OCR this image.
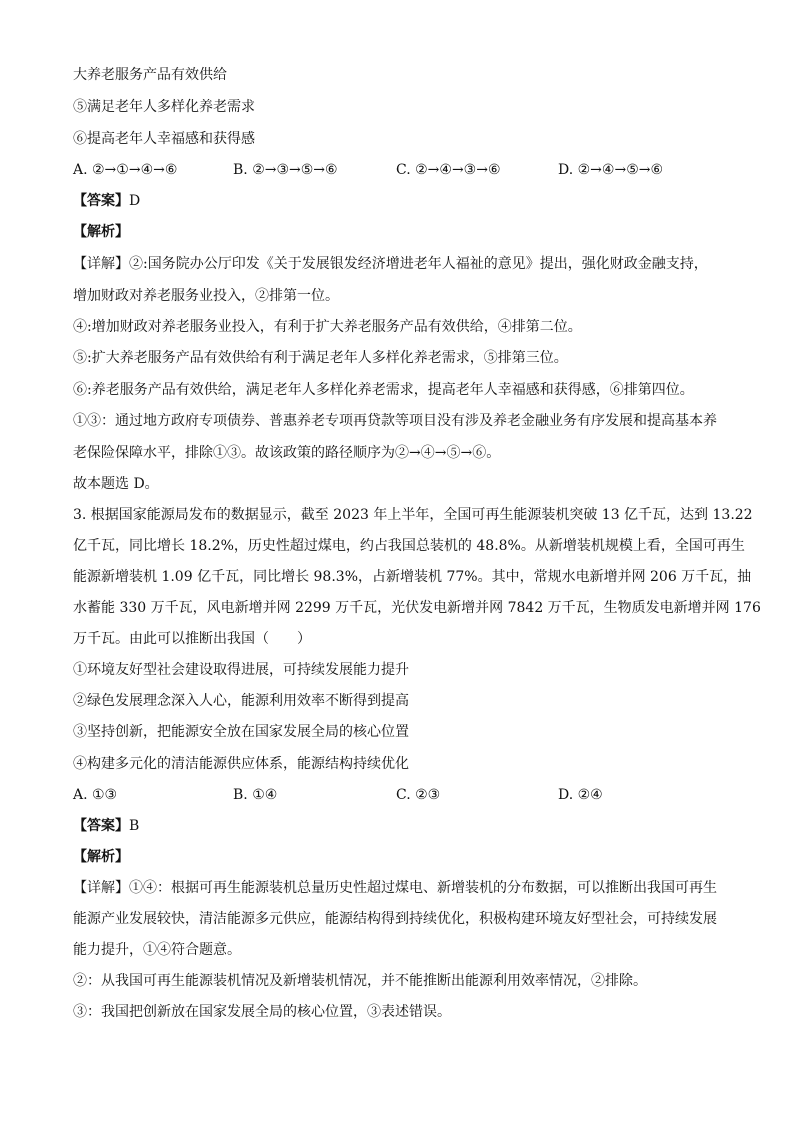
大养老服务产品有效供给
⑤满足老年人多样化养老需求
⑥提高老年人幸福感和获得感
A. ②→①→④→⑥	B. ②→③→⑤→⑥	C. ②→④→③→⑥	D. ②→④→⑤→⑥
【答案】D
【解析】
【详解】②:国务院办公厅印发《关于发展银发经济增进老年人福祉的意见》提出，强化财政金融支持，
增加财政对养老服务业投入，②排第一位。
④:增加财政对养老服务业投入，有利于扩大养老服务产品有效供给，④排第二位。
⑤:扩大养老服务产品有效供给有利于满足老年人多样化养老需求，⑤排第三位。
⑥:养老服务产品有效供给，满足老年人多样化养老需求，提高老年人幸福感和获得感，⑥排第四位。
①③：通过地方政府专项债券、普惠养老专项再贷款等项目没有涉及养老金融业务有序发展和提高基本养
老保险保障水平，排除①③。故该政策的路径顺序为②→④→⑤→⑥。
故本题选 D。
3. 根据国家能源局发布的数据显示，截至 2023 年上半年，全国可再生能源装机突破 13 亿千瓦，达到 13.22
亿千瓦，同比增长 18.2%，历史性超过煤电，约占我国总装机的 48.8%。从新增装机规模上看，全国可再生
能源新增装机 1.09 亿千瓦，同比增长 98.3%，占新增装机 77%。其中，常规水电新增并网 206 万千瓦，抽
水蓄能 330 万千瓦，风电新增并网 2299 万千瓦，光伏发电新增并网 7842 万千瓦，生物质发电新增并网 176
万千瓦。由此可以推断出我国（　　）
①环境友好型社会建设取得进展，可持续发展能力提升
②绿色发展理念深入人心，能源利用效率不断得到提高
③坚持创新，把能源安全放在国家发展全局的核心位置
④构建多元化的清洁能源供应体系，能源结构持续优化
A. ①③	B. ①④	C. ②③	D. ②④
【答案】B
【解析】
【详解】①④：根据可再生能源装机总量历史性超过煤电、新增装机的分布数据，可以推断出我国可再生
能源产业发展较快，清洁能源多元供应，能源结构得到持续优化，积极构建环境友好型社会，可持续发展
能力提升，①④符合题意。
②：从我国可再生能源装机情况及新增装机情况，并不能推断出能源利用效率情况，②排除。
③：我国把创新放在国家发展全局的核心位置，③表述错误。
